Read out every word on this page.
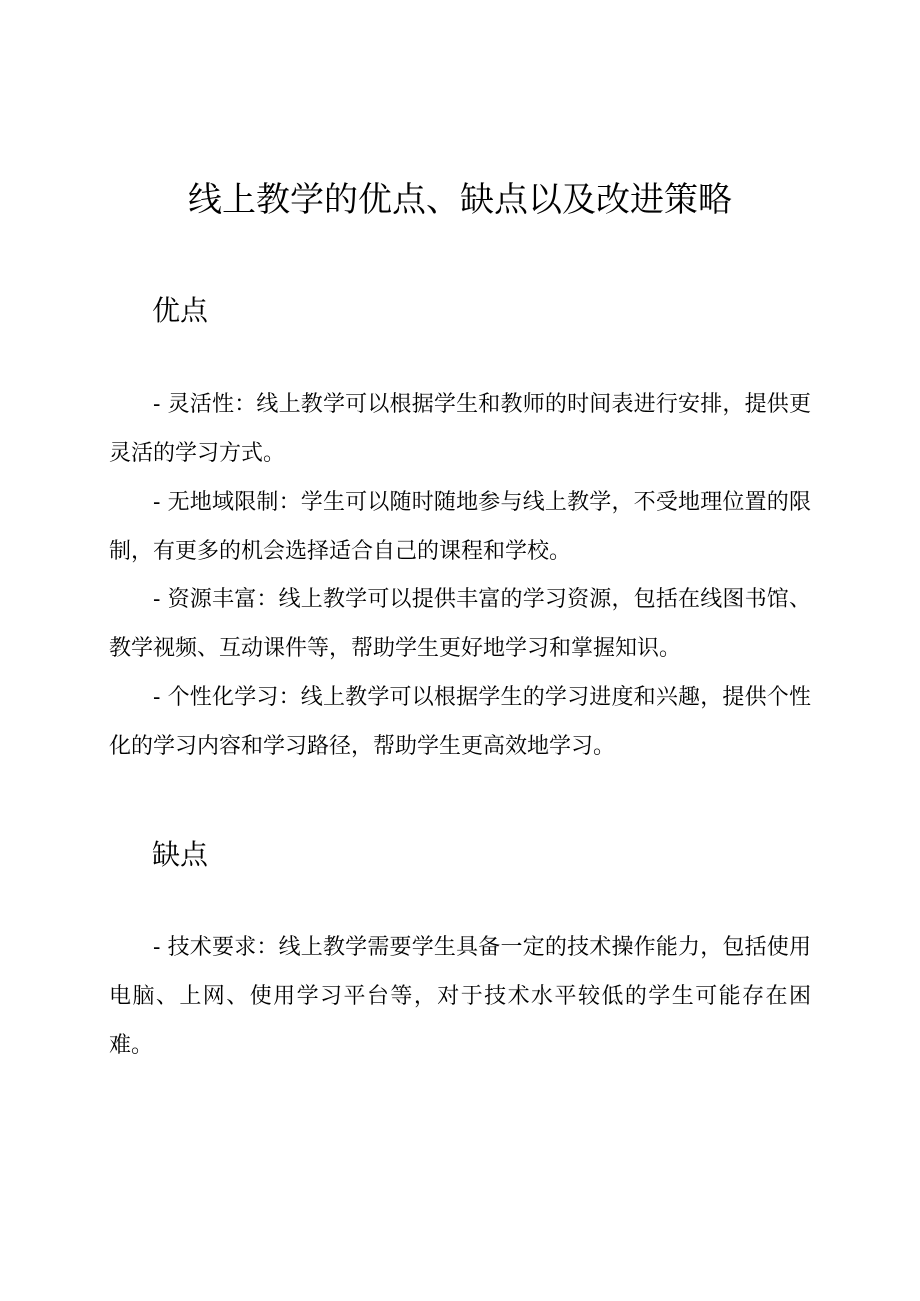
线上教学的优点、缺点以及改进策略
优点

- 灵活性：线上教学可以根据学生和教师的时间表进行安排，提供更灵活的学习方式。

- 无地域限制：学生可以随时随地参与线上教学，不受地理位置的限制，有更多的机会选择适合自己的课程和学校。

- 资源丰富：线上教学可以提供丰富的学习资源，包括在线图书馆、教学视频、互动课件等，帮助学生更好地学习和掌握知识。

- 个性化学习：线上教学可以根据学生的学习进度和兴趣，提供个性化的学习内容和学习路径，帮助学生更高效地学习。

缺点

- 技术要求：线上教学需要学生具备一定的技术操作能力，包括使用电脑、上网、使用学习平台等，对于技术水平较低的学生可能存在困难。
